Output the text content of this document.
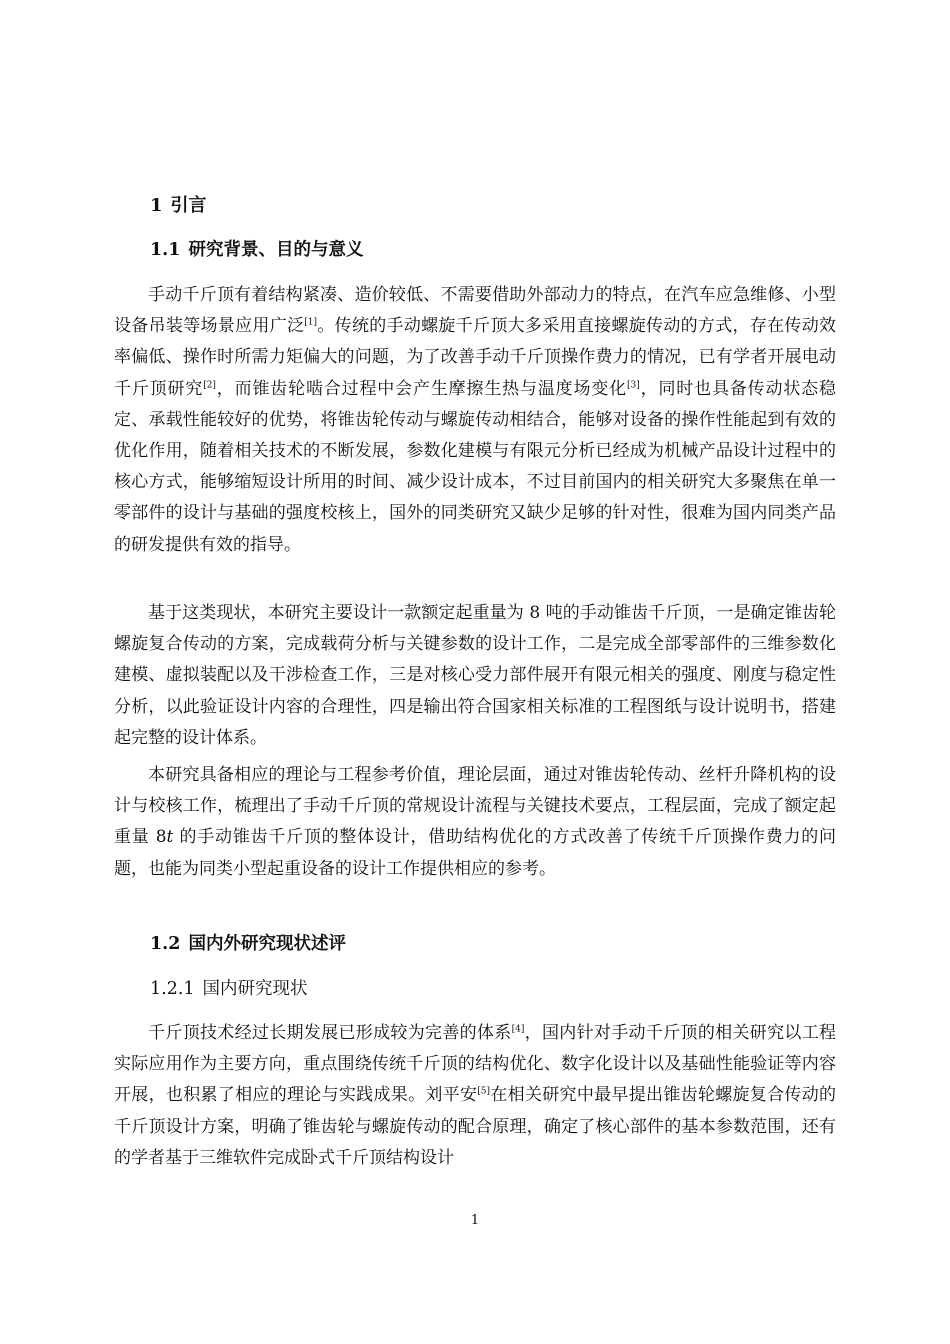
1 引言
1.1 研究背景、目的与意义

手动千斤顶有着结构紧凑、造价较低、不需要借助外部动力的特点，在汽车应急维修、小型设备吊装等场景应用广泛[1]。传统的手动螺旋千斤顶大多采用直接螺旋传动的方式，存在传动效率偏低、操作时所需力矩偏大的问题，为了改善手动千斤顶操作费力的情况，已有学者开展电动千斤顶研究[2]，而锥齿轮啮合过程中会产生摩擦生热与温度场变化[3]，同时也具备传动状态稳定、承载性能较好的优势，将锥齿轮传动与螺旋传动相结合，能够对设备的操作性能起到有效的优化作用，随着相关技术的不断发展，参数化建模与有限元分析已经成为机械产品设计过程中的核心方式，能够缩短设计所用的时间、减少设计成本，不过目前国内的相关研究大多聚焦在单一零部件的设计与基础的强度校核上，国外的同类研究又缺少足够的针对性，很难为国内同类产品的研发提供有效的指导。

基于这类现状，本研究主要设计一款额定起重量为 8 吨的手动锥齿千斤顶，一是确定锥齿轮螺旋复合传动的方案，完成载荷分析与关键参数的设计工作，二是完成全部零部件的三维参数化建模、虚拟装配以及干涉检查工作，三是对核心受力部件展开有限元相关的强度、刚度与稳定性分析，以此验证设计内容的合理性，四是输出符合国家相关标准的工程图纸与设计说明书，搭建起完整的设计体系。

本研究具备相应的理论与工程参考价值，理论层面，通过对锥齿轮传动、丝杆升降机构的设计与校核工作，梳理出了手动千斤顶的常规设计流程与关键技术要点，工程层面，完成了额定起重量 8t 的手动锥齿千斤顶的整体设计，借助结构优化的方式改善了传统千斤顶操作费力的问题，也能为同类小型起重设备的设计工作提供相应的参考。

1.2 国内外研究现状述评
1.2.1 国内研究现状

千斤顶技术经过长期发展已形成较为完善的体系[4]，国内针对手动千斤顶的相关研究以工程实际应用作为主要方向，重点围绕传统千斤顶的结构优化、数字化设计以及基础性能验证等内容开展，也积累了相应的理论与实践成果。刘平安[5]在相关研究中最早提出锥齿轮螺旋复合传动的千斤顶设计方案，明确了锥齿轮与螺旋传动的配合原理，确定了核心部件的基本参数范围，还有的学者基于三维软件完成卧式千斤顶结构设计

1
